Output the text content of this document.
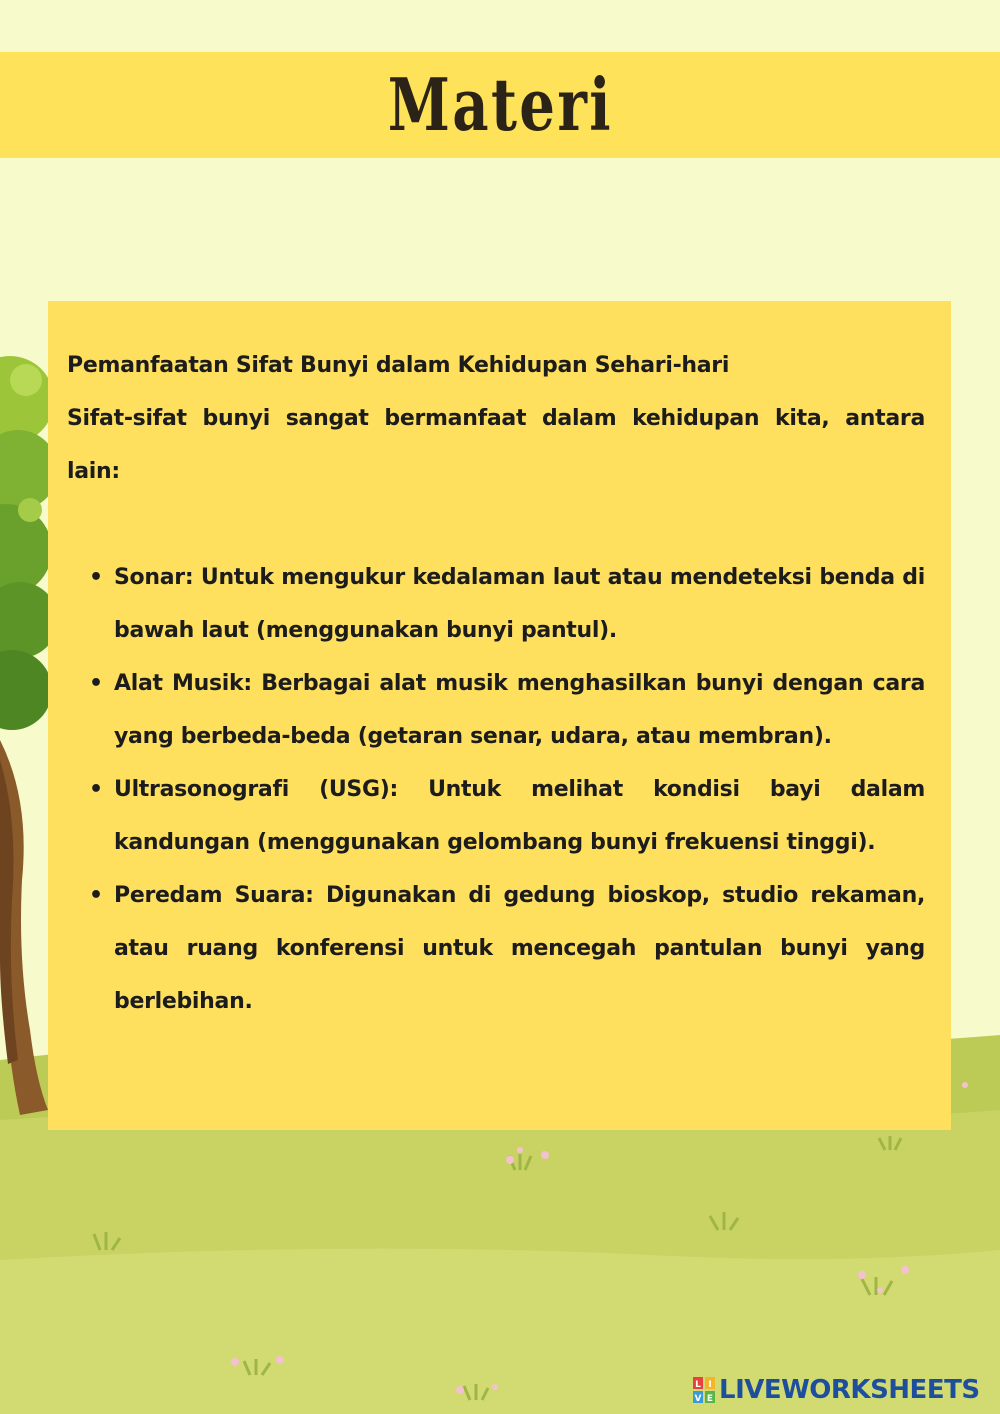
Materi

Pemanfaatan Sifat Bunyi dalam Kehidupan Sehari-hari

Sifat-sifat bunyi sangat bermanfaat dalam kehidupan kita, antara lain:

• Sonar: Untuk mengukur kedalaman laut atau mendeteksi benda di bawah laut (menggunakan bunyi pantul).
• Alat Musik: Berbagai alat musik menghasilkan bunyi dengan cara yang berbeda-beda (getaran senar, udara, atau membran).
• Ultrasonografi (USG): Untuk melihat kondisi bayi dalam kandungan (menggunakan gelombang bunyi frekuensi tinggi).
• Peredam Suara: Digunakan di gedung bioskop, studio rekaman, atau ruang konferensi untuk mencegah pantulan bunyi yang berlebihan.
L I
V E LIVEWORKSHEETS
